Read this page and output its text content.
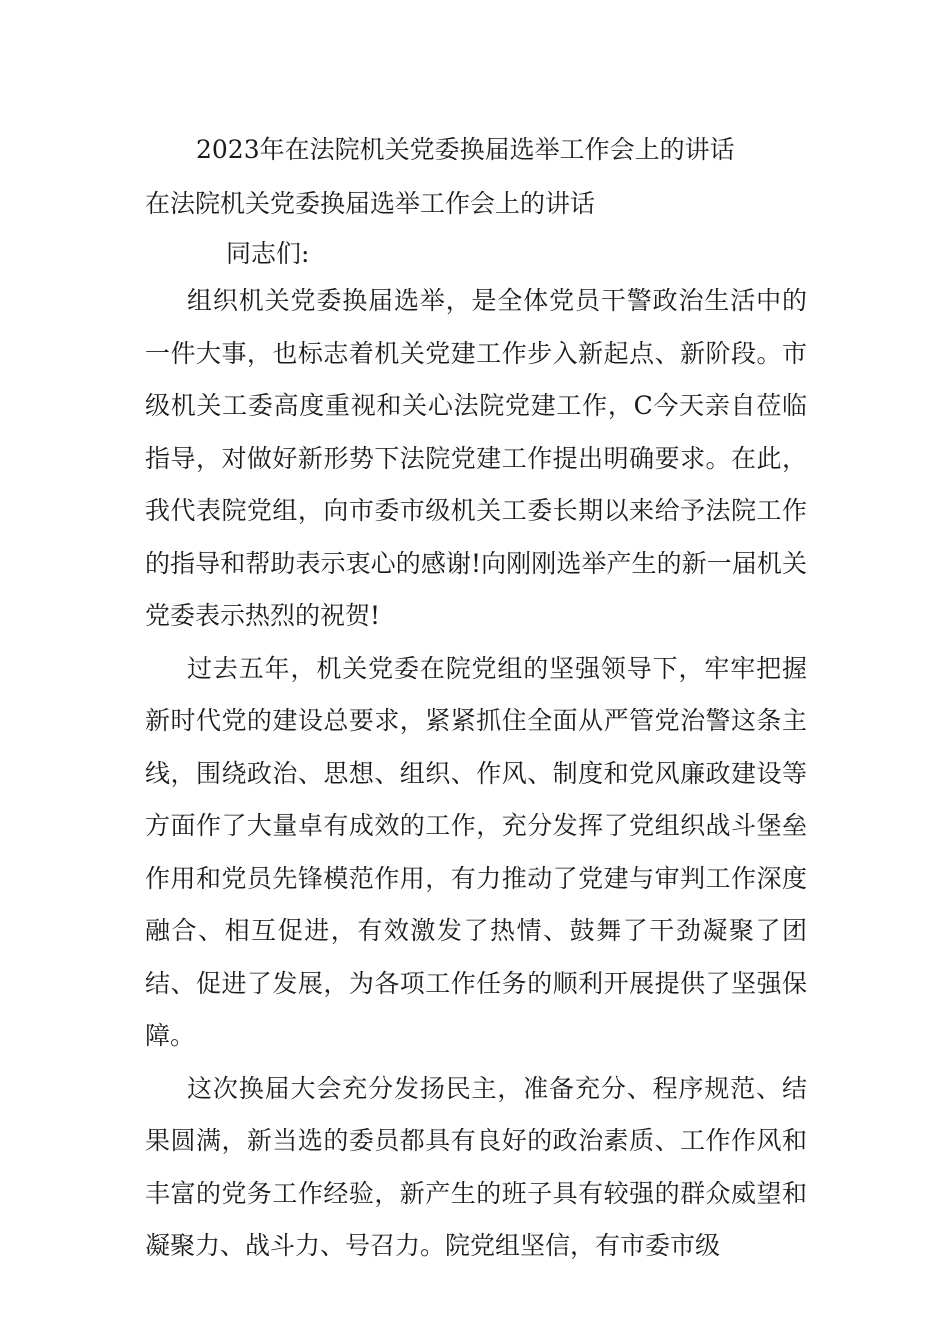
2023年在法院机关党委换届选举工作会上的讲话
在法院机关党委换届选举工作会上的讲话
同志们:

组织机关党委换届选举，是全体党员干警政治生活中的一件大事，也标志着机关党建工作步入新起点、新阶段。市级机关工委高度重视和关心法院党建工作，C今天亲自莅临指导，对做好新形势下法院党建工作提出明确要求。在此，我代表院党组，向市委市级机关工委长期以来给予法院工作的指导和帮助表示衷心的感谢!向刚刚选举产生的新一届机关党委表示热烈的祝贺!

过去五年，机关党委在院党组的坚强领导下，牢牢把握新时代党的建设总要求，紧紧抓住全面从严管党治警这条主线，围绕政治、思想、组织、作风、制度和党风廉政建设等方面作了大量卓有成效的工作，充分发挥了党组织战斗堡垒作用和党员先锋模范作用，有力推动了党建与审判工作深度融合、相互促进，有效激发了热情、鼓舞了干劲凝聚了团结、促进了发展，为各项工作任务的顺利开展提供了坚强保障。

这次换届大会充分发扬民主，准备充分、程序规范、结果圆满，新当选的委员都具有良好的政治素质、工作作风和丰富的党务工作经验，新产生的班子具有较强的群众威望和凝聚力、战斗力、号召力。院党组坚信，有市委市级
